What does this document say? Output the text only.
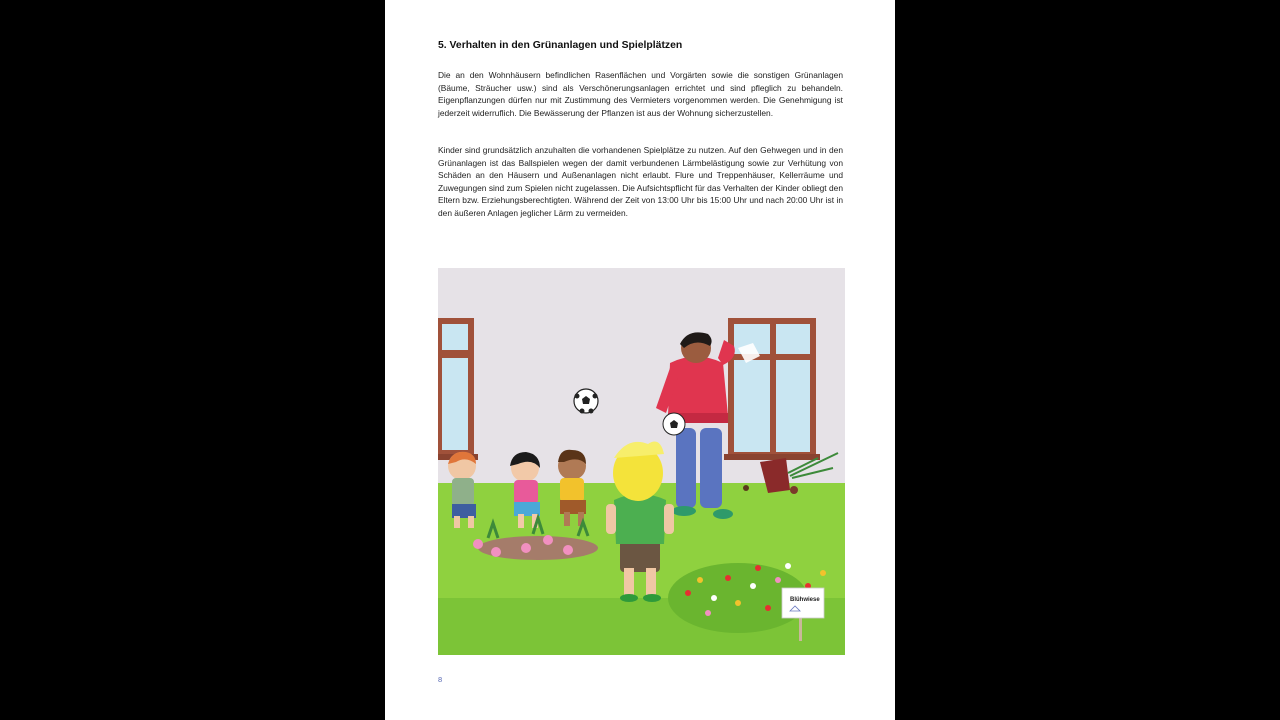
5. Verhalten in den Grünanlagen und Spielplätzen

Die an den Wohnhäusern befindlichen Rasenflächen und Vorgärten sowie die sonstigen Grünanlagen (Bäume, Sträucher usw.) sind als Verschönerungsanlagen errichtet und sind pfleglich zu behandeln. Eigenpflanzungen dürfen nur mit Zustimmung des Vermieters vorgenommen werden. Die Genehmigung ist jederzeit widerruflich. Die Bewässerung der Pflanzen ist aus der Wohnung sicherzustellen.

Kinder sind grundsätzlich anzuhalten die vorhandenen Spielplätze zu nutzen. Auf den Gehwegen und in den Grünanlagen ist das Ballspielen wegen der damit verbundenen Lärmbelästigung sowie zur Verhütung von Schäden an den Häusern und Außenanlagen nicht erlaubt. Flure und Treppenhäuser, Kellerräume und Zuwegungen sind zum Spielen nicht zugelassen. Die Aufsichtspflicht für das Verhalten der Kinder obliegt den Eltern bzw. Erziehungsberechtigten. Während der Zeit von 13:00 Uhr bis 15:00 Uhr und nach 20:00 Uhr ist in den äußeren Anlagen jeglicher Lärm zu vermeiden.

Blühwiese
8
